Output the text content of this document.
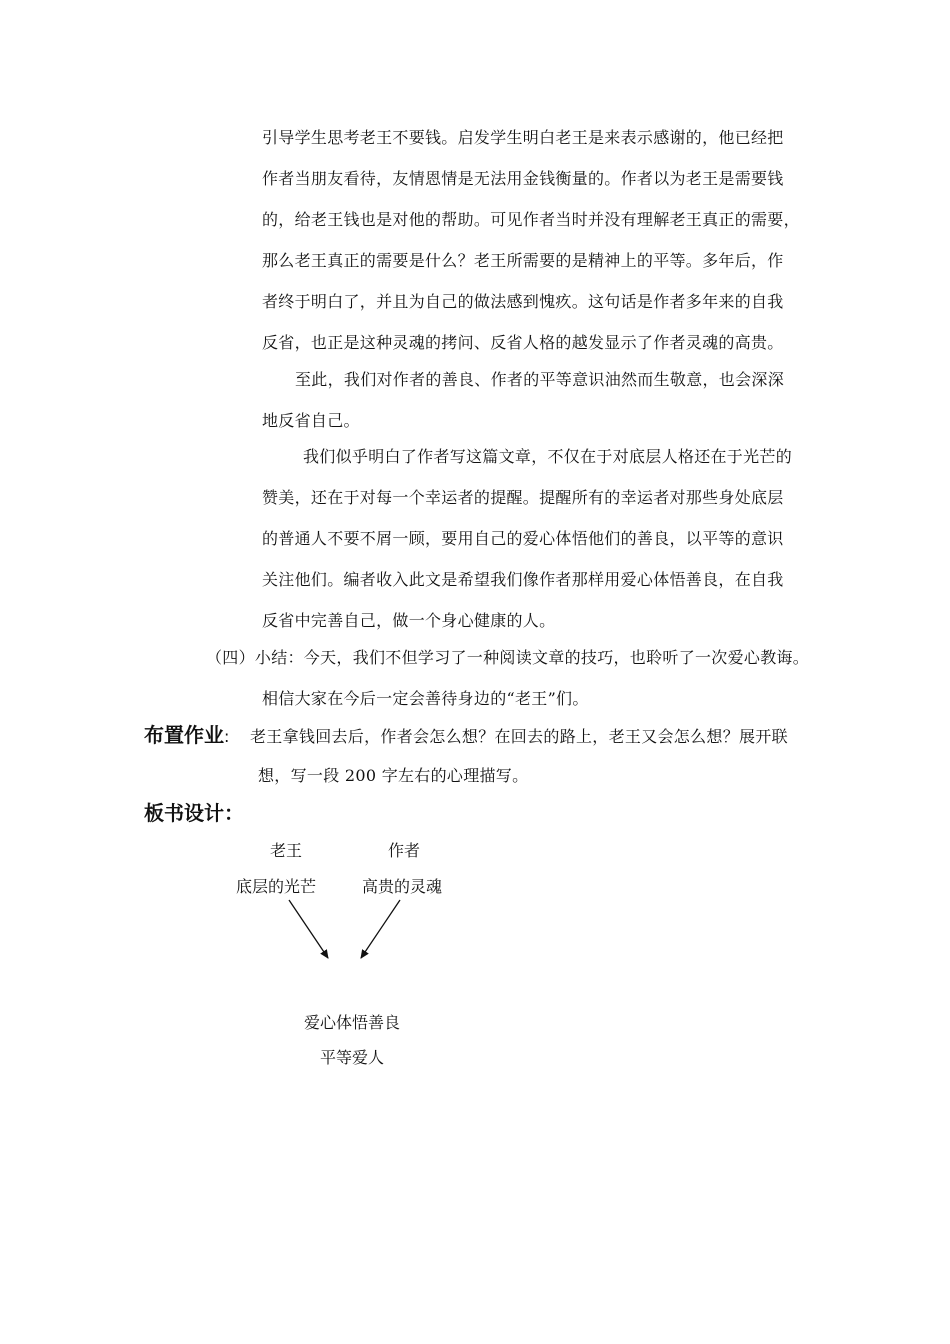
引导学生思考老王不要钱。启发学生明白老王是来表示感谢的，他已经把
作者当朋友看待，友情恩情是无法用金钱衡量的。作者以为老王是需要钱
的，给老王钱也是对他的帮助。可见作者当时并没有理解老王真正的需要，
那么老王真正的需要是什么？老王所需要的是精神上的平等。多年后，作
者终于明白了，并且为自己的做法感到愧疚。这句话是作者多年来的自我
反省，也正是这种灵魂的拷问、反省人格的越发显示了作者灵魂的高贵。
至此，我们对作者的善良、作者的平等意识油然而生敬意，也会深深
地反省自己。
我们似乎明白了作者写这篇文章，不仅在于对底层人格还在于光芒的
赞美，还在于对每一个幸运者的提醒。提醒所有的幸运者对那些身处底层
的普通人不要不屑一顾，要用自己的爱心体悟他们的善良，以平等的意识
关注他们。编者收入此文是希望我们像作者那样用爱心体悟善良，在自我
反省中完善自己，做一个身心健康的人。
（四）小结：今天，我们不但学习了一种阅读文章的技巧，也聆听了一次爱心教诲。
相信大家在今后一定会善待身边的“老王”们。
布置作业: 老王拿钱回去后，作者会怎么想？在回去的路上，老王又会怎么想？展开联
想，写一段 200 字左右的心理描写。
板书设计：
老王	作者
底层的光芒	高贵的灵魂
爱心体悟善良
平等爱人
